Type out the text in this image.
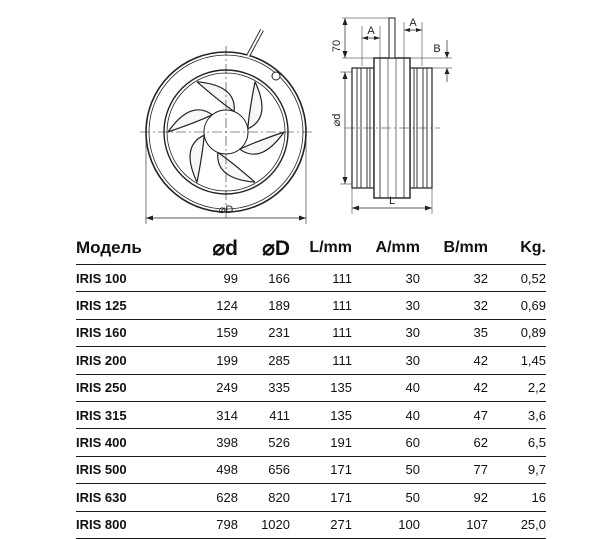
⌀D
70
⌀d
A
A
B
L
Модель	⌀d	⌀D	L/mm	A/mm	B/mm	Kg.
IRIS 100	99	166	111	30	32	0,52
IRIS 125	124	189	111	30	32	0,69
IRIS 160	159	231	111	30	35	0,89
IRIS 200	199	285	111	30	42	1,45
IRIS 250	249	335	135	40	42	2,2
IRIS 315	314	411	135	40	47	3,6
IRIS 400	398	526	191	60	62	6,5
IRIS 500	498	656	171	50	77	9,7
IRIS 630	628	820	171	50	92	16
IRIS 800	798	1020	271	100	107	25,0
